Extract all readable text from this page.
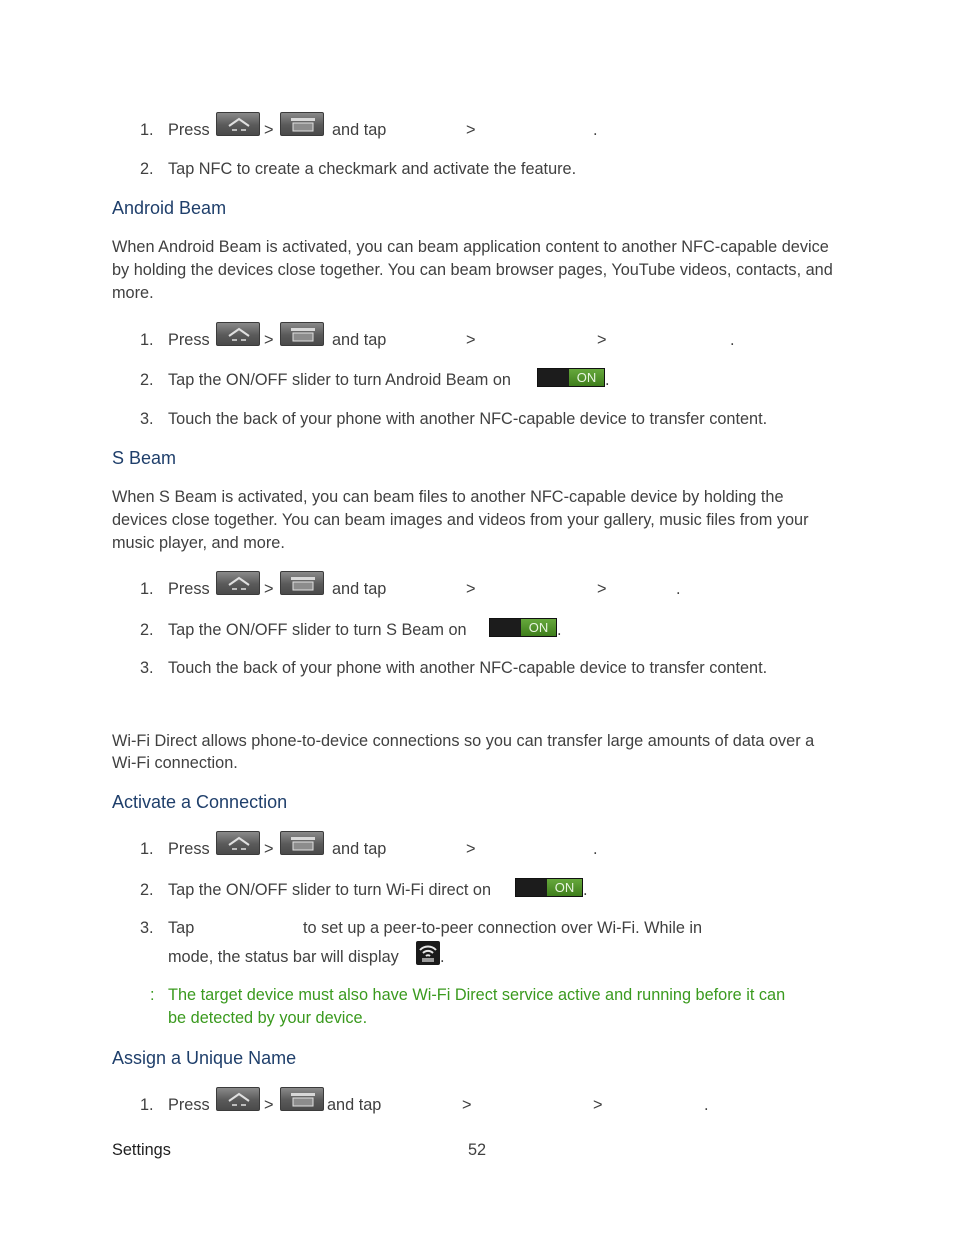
1. Press	>	and tap	>	.
2. Tap NFC to create a checkmark and activate the feature.
Android Beam
When Android Beam is activated, you can beam application content to another NFC-capable device by holding the devices close together. You can beam browser pages, YouTube videos, contacts, and more.
1. Press	>	and tap	>	>	.
2. Tap the ON/OFF slider to turn Android Beam on	ON .
3. Touch the back of your phone with another NFC-capable device to transfer content.
S Beam
When S Beam is activated, you can beam files to another NFC-capable device by holding the devices close together. You can beam images and videos from your gallery, music files from your music player, and more.
1. Press	>	and tap	>	>	.
2. Tap the ON/OFF slider to turn S Beam on	ON .
3. Touch the back of your phone with another NFC-capable device to transfer content.
Wi-Fi Direct allows phone-to-device connections so you can transfer large amounts of data over a Wi-Fi connection.
Activate a Connection
1. Press	>	and tap	>	.
2. Tap the ON/OFF slider to turn Wi-Fi direct on	ON .
3. Tap	to set up a peer-to-peer connection over Wi-Fi. While in
mode, the status bar will display	.
: The target device must also have Wi-Fi Direct service active and running before it can
be detected by your device.
Assign a Unique Name
1. Press	>	and tap	>	>	.
Settings	52
